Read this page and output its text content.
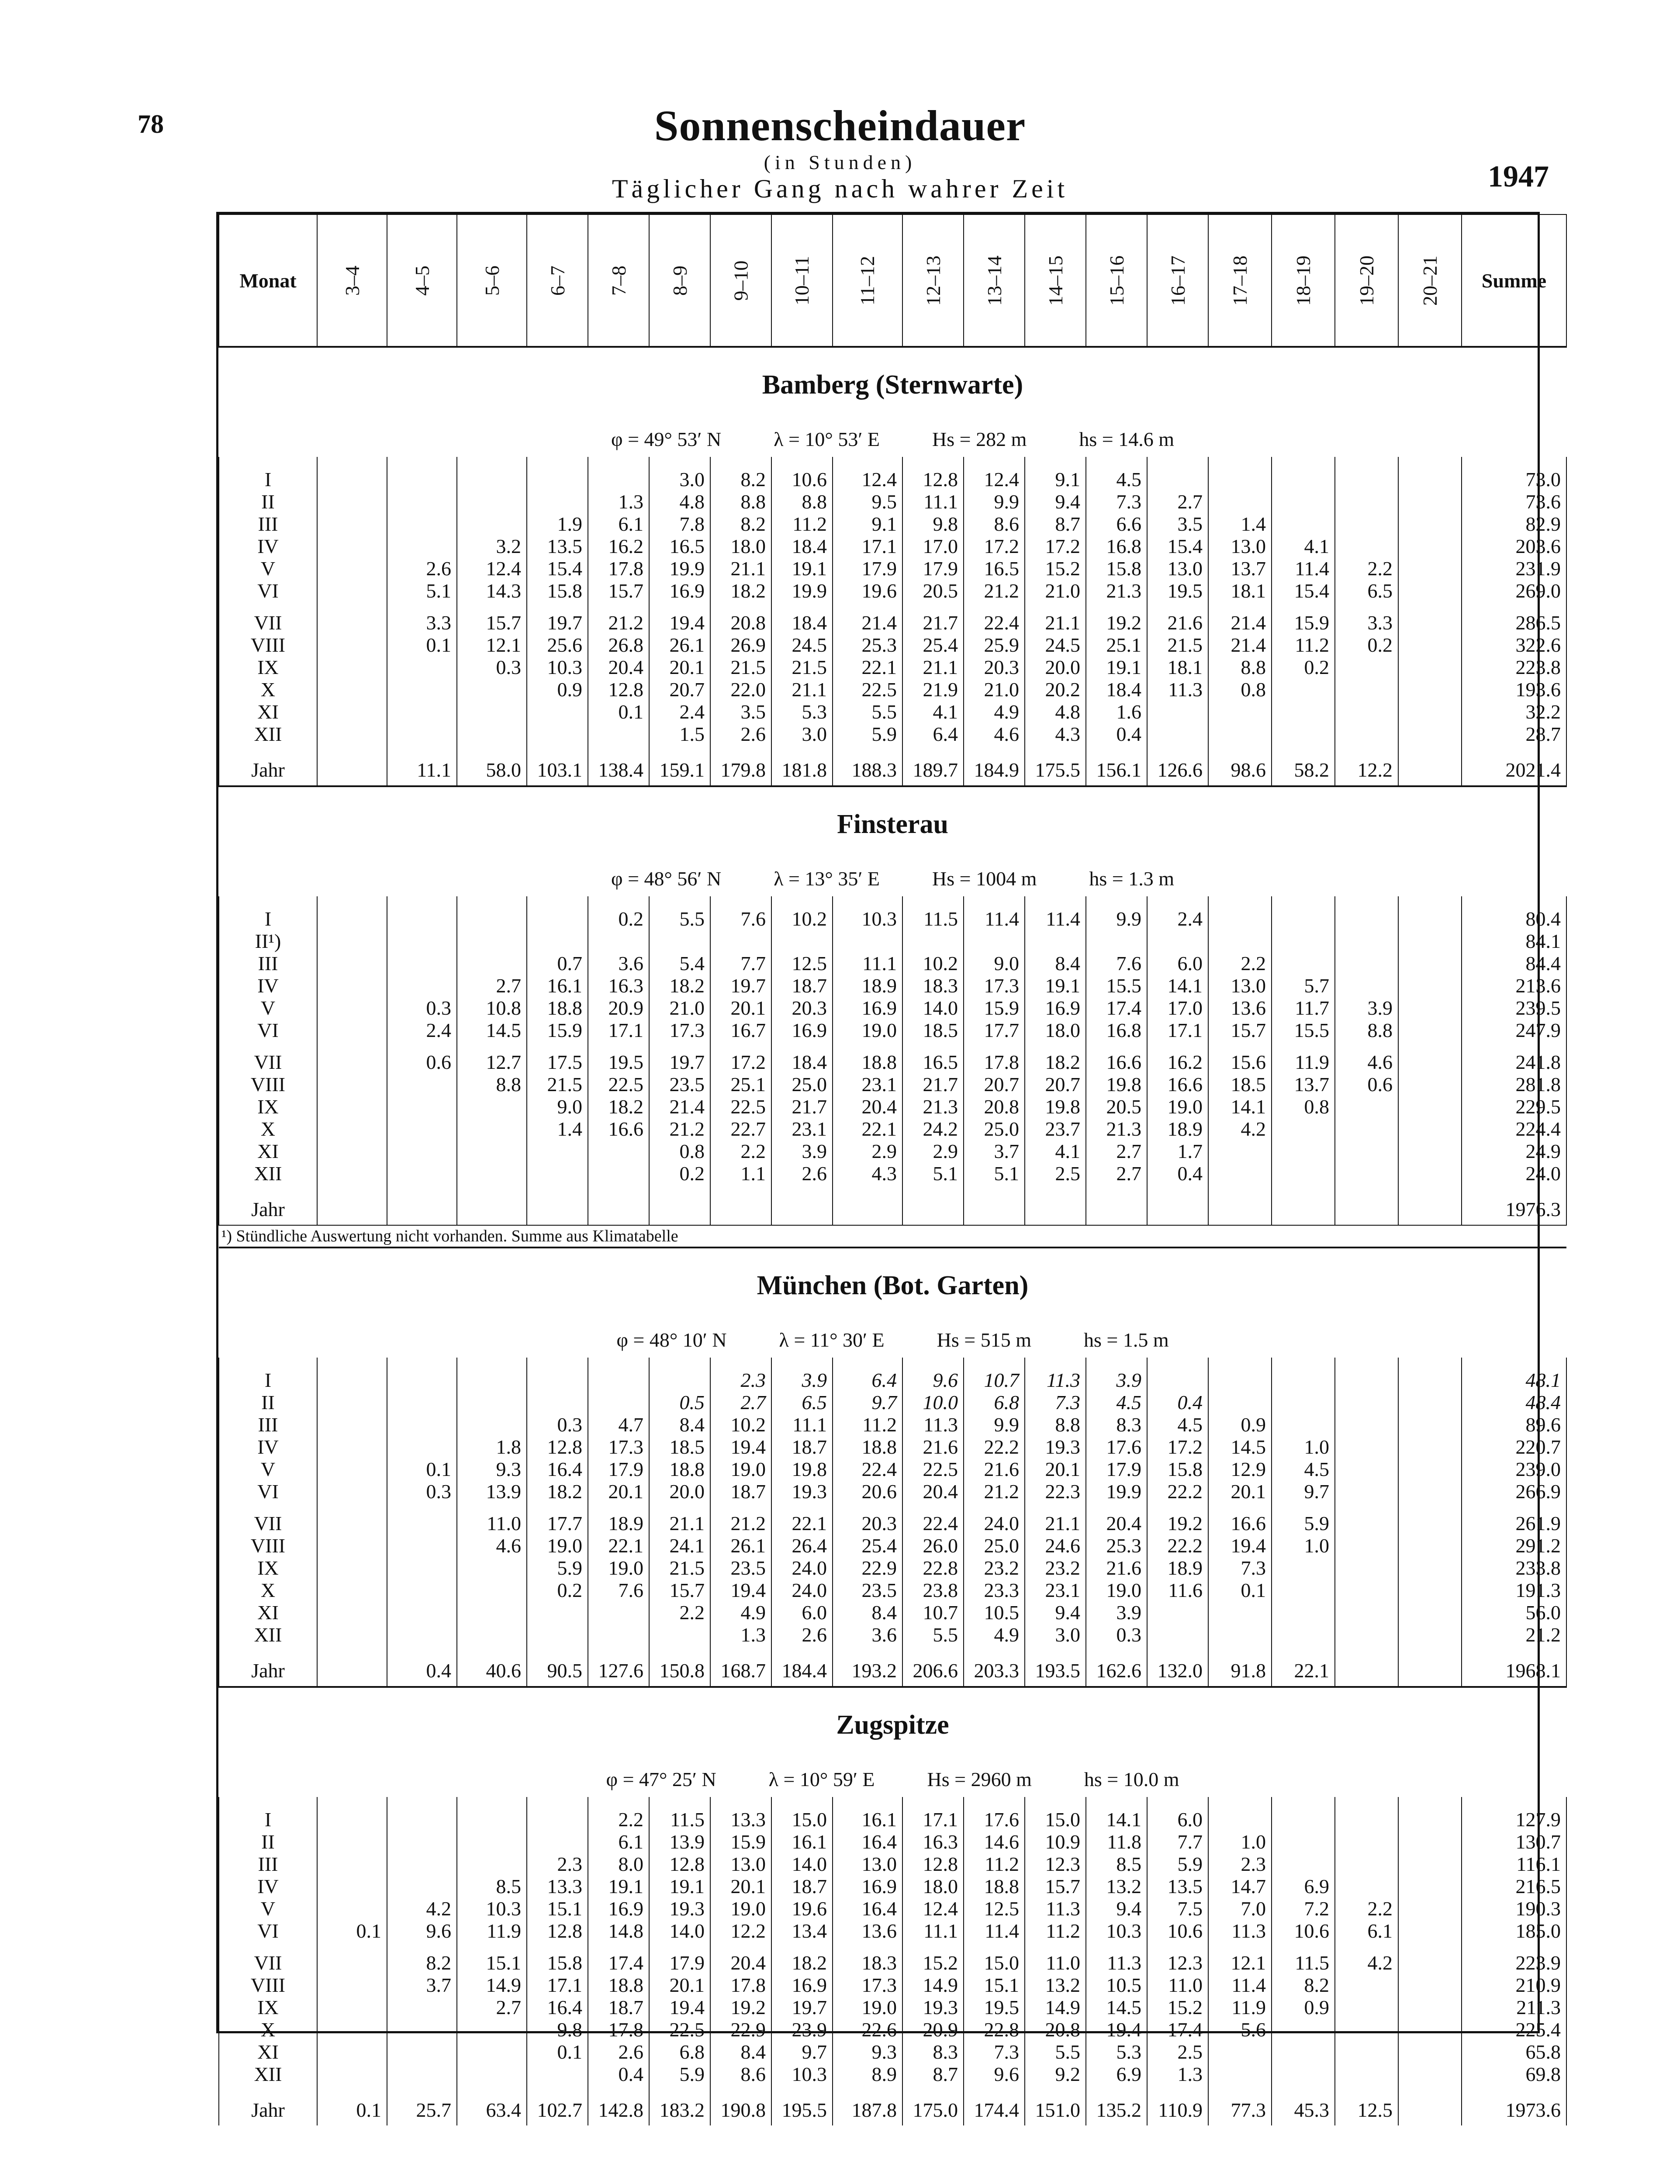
78	Sonnenscheindauer
(in Stunden)
Täglicher Gang nach wahrer Zeit	1947
Monat	3–4	4–5	5–6	6–7	7–8	8–9	9–10	10–11	11–12	12–13	13–14	14–15	15–16	16–17	17–18	18–19	19–20	20–21	Summe
Bamberg (Sternwarte)																			
φ = 49° 53′ N λ = 10° 53′ E Hs = 282 m hs = 14.6 m																			

I						3.0	8.2	10.6	12.4	12.8	12.4	9.1	4.5						73.0
II					1.3	4.8	8.8	8.8	9.5	11.1	9.9	9.4	7.3	2.7					73.6
III				1.9	6.1	7.8	8.2	11.2	9.1	9.8	8.6	8.7	6.6	3.5	1.4				82.9
IV			3.2	13.5	16.2	16.5	18.0	18.4	17.1	17.0	17.2	17.2	16.8	15.4	13.0	4.1			203.6
V		2.6	12.4	15.4	17.8	19.9	21.1	19.1	17.9	17.9	16.5	15.2	15.8	13.0	13.7	11.4	2.2		231.9
VI		5.1	14.3	15.8	15.7	16.9	18.2	19.9	19.6	20.5	21.2	21.0	21.3	19.5	18.1	15.4	6.5		269.0

VII		3.3	15.7	19.7	21.2	19.4	20.8	18.4	21.4	21.7	22.4	21.1	19.2	21.6	21.4	15.9	3.3		286.5
VIII		0.1	12.1	25.6	26.8	26.1	26.9	24.5	25.3	25.4	25.9	24.5	25.1	21.5	21.4	11.2	0.2		322.6
IX			0.3	10.3	20.4	20.1	21.5	21.5	22.1	21.1	20.3	20.0	19.1	18.1	8.8	0.2			223.8
X				0.9	12.8	20.7	22.0	21.1	22.5	21.9	21.0	20.2	18.4	11.3	0.8				193.6
XI					0.1	2.4	3.5	5.3	5.5	4.1	4.9	4.8	1.6						32.2
XII						1.5	2.6	3.0	5.9	6.4	4.6	4.3	0.4						28.7

Jahr		11.1	58.0	103.1	138.4	159.1	179.8	181.8	188.3	189.7	184.9	175.5	156.1	126.6	98.6	58.2	12.2		2021.4
Finsterau																			
φ = 48° 56′ N λ = 13° 35′ E Hs = 1004 m hs = 1.3 m																			

I					0.2	5.5	7.6	10.2	10.3	11.5	11.4	11.4	9.9	2.4					80.4
II¹)																			84.1
III				0.7	3.6	5.4	7.7	12.5	11.1	10.2	9.0	8.4	7.6	6.0	2.2				84.4
IV			2.7	16.1	16.3	18.2	19.7	18.7	18.9	18.3	17.3	19.1	15.5	14.1	13.0	5.7			213.6
V		0.3	10.8	18.8	20.9	21.0	20.1	20.3	16.9	14.0	15.9	16.9	17.4	17.0	13.6	11.7	3.9		239.5
VI		2.4	14.5	15.9	17.1	17.3	16.7	16.9	19.0	18.5	17.7	18.0	16.8	17.1	15.7	15.5	8.8		247.9

VII		0.6	12.7	17.5	19.5	19.7	17.2	18.4	18.8	16.5	17.8	18.2	16.6	16.2	15.6	11.9	4.6		241.8
VIII			8.8	21.5	22.5	23.5	25.1	25.0	23.1	21.7	20.7	20.7	19.8	16.6	18.5	13.7	0.6		281.8
IX				9.0	18.2	21.4	22.5	21.7	20.4	21.3	20.8	19.8	20.5	19.0	14.1	0.8			229.5
X				1.4	16.6	21.2	22.7	23.1	22.1	24.2	25.0	23.7	21.3	18.9	4.2				224.4
XI						0.8	2.2	3.9	2.9	2.9	3.7	4.1	2.7	1.7					24.9
XII						0.2	1.1	2.6	4.3	5.1	5.1	2.5	2.7	0.4					24.0

Jahr																			1976.3
¹) Stündliche Auswertung nicht vorhanden. Summe aus Klimatabelle																			
München (Bot. Garten)																			
φ = 48° 10′ N λ = 11° 30′ E Hs = 515 m hs = 1.5 m																			

I							2.3	3.9	6.4	9.6	10.7	11.3	3.9						48.1
II						0.5	2.7	6.5	9.7	10.0	6.8	7.3	4.5	0.4					48.4
III				0.3	4.7	8.4	10.2	11.1	11.2	11.3	9.9	8.8	8.3	4.5	0.9				89.6
IV			1.8	12.8	17.3	18.5	19.4	18.7	18.8	21.6	22.2	19.3	17.6	17.2	14.5	1.0			220.7
V		0.1	9.3	16.4	17.9	18.8	19.0	19.8	22.4	22.5	21.6	20.1	17.9	15.8	12.9	4.5			239.0
VI		0.3	13.9	18.2	20.1	20.0	18.7	19.3	20.6	20.4	21.2	22.3	19.9	22.2	20.1	9.7			266.9

VII			11.0	17.7	18.9	21.1	21.2	22.1	20.3	22.4	24.0	21.1	20.4	19.2	16.6	5.9			261.9
VIII			4.6	19.0	22.1	24.1	26.1	26.4	25.4	26.0	25.0	24.6	25.3	22.2	19.4	1.0			291.2
IX				5.9	19.0	21.5	23.5	24.0	22.9	22.8	23.2	23.2	21.6	18.9	7.3				233.8
X				0.2	7.6	15.7	19.4	24.0	23.5	23.8	23.3	23.1	19.0	11.6	0.1				191.3
XI						2.2	4.9	6.0	8.4	10.7	10.5	9.4	3.9						56.0
XII							1.3	2.6	3.6	5.5	4.9	3.0	0.3						21.2

Jahr		0.4	40.6	90.5	127.6	150.8	168.7	184.4	193.2	206.6	203.3	193.5	162.6	132.0	91.8	22.1			1968.1
Zugspitze																			
φ = 47° 25′ N λ = 10° 59′ E Hs = 2960 m hs = 10.0 m																			

I					2.2	11.5	13.3	15.0	16.1	17.1	17.6	15.0	14.1	6.0					127.9
II					6.1	13.9	15.9	16.1	16.4	16.3	14.6	10.9	11.8	7.7	1.0				130.7
III				2.3	8.0	12.8	13.0	14.0	13.0	12.8	11.2	12.3	8.5	5.9	2.3				116.1
IV			8.5	13.3	19.1	19.1	20.1	18.7	16.9	18.0	18.8	15.7	13.2	13.5	14.7	6.9			216.5
V		4.2	10.3	15.1	16.9	19.3	19.0	19.6	16.4	12.4	12.5	11.3	9.4	7.5	7.0	7.2	2.2		190.3
VI	0.1	9.6	11.9	12.8	14.8	14.0	12.2	13.4	13.6	11.1	11.4	11.2	10.3	10.6	11.3	10.6	6.1		185.0

VII		8.2	15.1	15.8	17.4	17.9	20.4	18.2	18.3	15.2	15.0	11.0	11.3	12.3	12.1	11.5	4.2		223.9
VIII		3.7	14.9	17.1	18.8	20.1	17.8	16.9	17.3	14.9	15.1	13.2	10.5	11.0	11.4	8.2			210.9
IX			2.7	16.4	18.7	19.4	19.2	19.7	19.0	19.3	19.5	14.9	14.5	15.2	11.9	0.9			211.3
X				9.8	17.8	22.5	22.9	23.9	22.6	20.9	22.8	20.8	19.4	17.4	5.6				225.4
XI				0.1	2.6	6.8	8.4	9.7	9.3	8.3	7.3	5.5	5.3	2.5					65.8
XII					0.4	5.9	8.6	10.3	8.9	8.7	9.6	9.2	6.9	1.3					69.8

Jahr	0.1	25.7	63.4	102.7	142.8	183.2	190.8	195.5	187.8	175.0	174.4	151.0	135.2	110.9	77.3	45.3	12.5		1973.6
